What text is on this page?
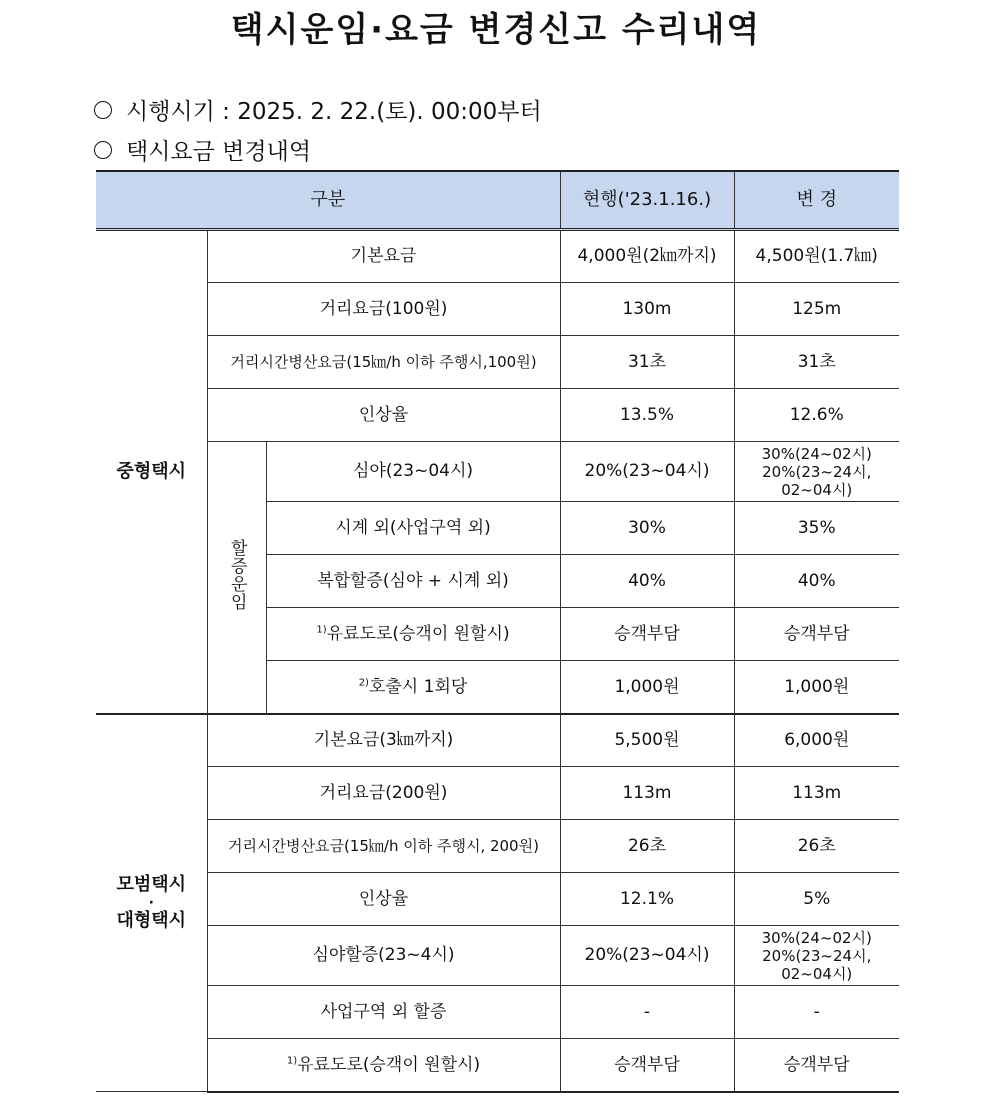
택시운임·요금 변경신고 수리내역
시행시기 : 2025. 2. 22.(토). 00:00부터
택시요금 변경내역
구분			현행('23.1.16.)	변 경
중형택시	기본요금		4,000원(2㎞까지)	4,500원(1.7㎞)
	거리요금(100원)		130m	125m
	거리시간병산요금(15㎞/h 이하 주행시,100원)		31초	31초
	인상율		13.5%	12.6%
	할증운임	심야(23~04시)	20%(23~04시)	30%(24~02시)
20%(23~24시, 02~04시)

		시계 외(사업구역 외)	30%	35%
		복합할증(심야 + 시계 외)	40%	40%
		$^{1)}$유료도로(승객이 원할시)	승객부담	승객부담
		$^{2)}$호출시 1회당	1,000원	1,000원

모범택시
·
대형택시	기본요금(3㎞까지)		5,500원	6,000원
	거리요금(200원)		113m	113m
	거리시간병산요금(15㎞/h 이하 주행시, 200원)		26초	26초
	인상율		12.1%	5%
	심야할증(23~4시)		20%(23~04시)	30%(24~02시)
20%(23~24시, 02~04시)

	사업구역 외 할증		-	-
	$^{1)}$유료도로(승객이 원할시)		승객부담	승객부담
